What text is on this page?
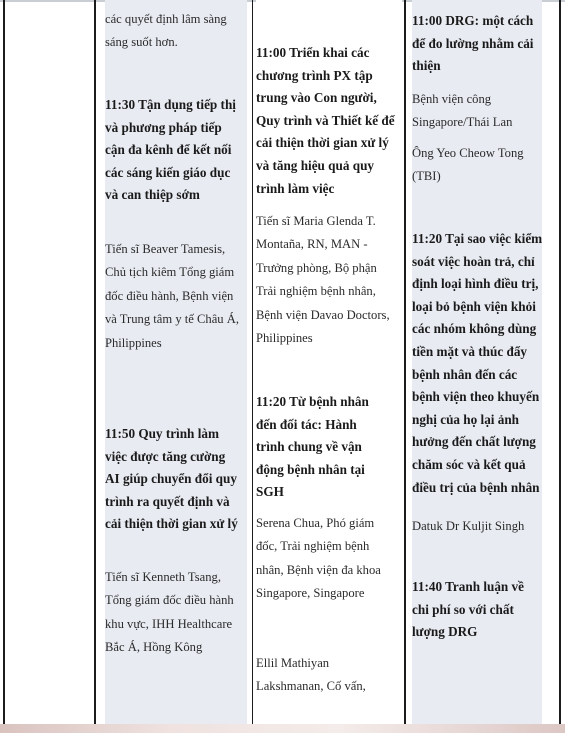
các quyết định lâm sàng sáng suốt hơn.

11:30 Tận dụng tiếp thị và phương pháp tiếp cận đa kênh để kết nối các sáng kiến giáo dục và can thiệp sớm

Tiến sĩ Beaver Tamesis, Chủ tịch kiêm Tổng giám đốc điều hành, Bệnh viện và Trung tâm y tế Châu Á, Philippines

11:50 Quy trình làm việc được tăng cường AI giúp chuyển đổi quy trình ra quyết định và cải thiện thời gian xử lý

Tiến sĩ Kenneth Tsang, Tổng giám đốc điều hành khu vực, IHH Healthcare Bắc Á, Hồng Kông

11:00 Triển khai các chương trình PX tập trung vào Con người, Quy trình và Thiết kế để cải thiện thời gian xử lý và tăng hiệu quả quy trình làm việc

Tiến sĩ Maria Glenda T. Montaña, RN, MAN - Trưởng phòng, Bộ phận Trải nghiệm bệnh nhân, Bệnh viện Davao Doctors, Philippines

11:20 Từ bệnh nhân đến đối tác: Hành trình chung về vận động bệnh nhân tại SGH

Serena Chua, Phó giám đốc, Trải nghiệm bệnh nhân, Bệnh viện đa khoa Singapore, Singapore

Ellil Mathiyan Lakshmanan, Cố vấn,

11:00 DRG: một cách để đo lường nhằm cải thiện

Bệnh viện công Singapore/Thái Lan

Ông Yeo Cheow Tong (TBI)

11:20 Tại sao việc kiểm soát việc hoàn trả, chỉ định loại hình điều trị, loại bỏ bệnh viện khỏi các nhóm không dùng tiền mặt và thúc đẩy bệnh nhân đến các bệnh viện theo khuyến nghị của họ lại ảnh hưởng đến chất lượng chăm sóc và kết quả điều trị của bệnh nhân

Datuk Dr Kuljit Singh

11:40 Tranh luận về chi phí so với chất lượng DRG
